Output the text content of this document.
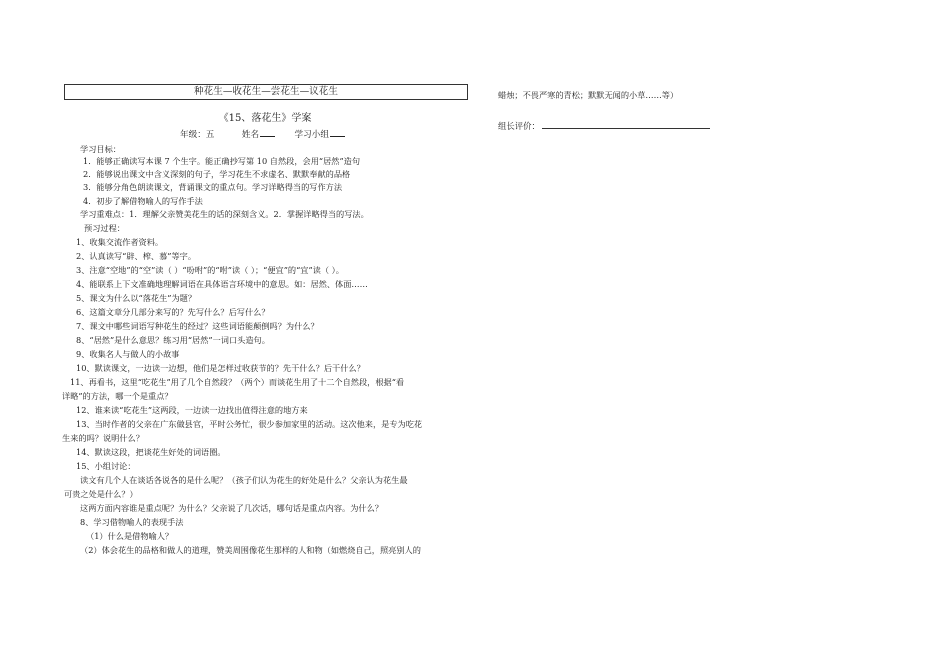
种花生—收花生—尝花生—议花生
《15、落花生》学案
年级：五	姓名	学习小组
学习目标：
1．能够正确读写本课 7 个生字。能正确抄写第 10 自然段，会用“居然”造句
2．能够说出课文中含义深刻的句子，学习花生不求虚名、默默奉献的品格
3．能够分角色朗读课文，背诵课文的重点句。学习详略得当的写作方法
4．初步了解借物喻人的写作手法
学习重难点：1．理解父亲赞美花生的话的深刻含义。2．掌握详略得当的写法。
预习过程：
1、收集交流作者资料。
2、认真读写“辟、榨、慕”等字。
3、注意“空地”的“空”读（ ）“吩咐”的“咐”读（ ）；“便宜”的“宜”读（ ）。
4、能联系上下文准确地理解词语在具体语言环境中的意思。如：居然、体面……
5、课文为什么以“落花生”为题？
6、这篇文章分几部分来写的？先写什么？后写什么？
7、课文中哪些词语写种花生的经过？这些词语能颠倒吗？为什么？
8、“居然”是什么意思？练习用“居然”一词口头造句。
9、收集名人与做人的小故事
10、默读课文，一边读一边想，他们是怎样过收获节的？先干什么？后干什么？
11、再看书，这里“吃花生”用了几个自然段？（两个）而谈花生用了十二个自然段，根据“看
详略”的方法，哪一个是重点？
12、谁来读“吃花生”这两段，一边读一边找出值得注意的地方来
13、当时作者的父亲在广东做县官，平时公务忙，很少参加家里的活动。这次他来，是专为吃花
生来的吗？说明什么？
14、默读这段，把谈花生好处的词语圈。
15、小组讨论：
读文有几个人在谈话各说各的是什么呢？（孩子们认为花生的好处是什么？父亲认为花生最
可贵之处是什么？）
这两方面内容谁是重点呢？为什么？父亲说了几次话，哪句话是重点内容。为什么？
8、学习借物喻人的表现手法
（1）什么是借物喻人？
（2）体会花生的品格和做人的道理，赞美周围像花生那样的人和物（如燃烧自己，照亮别人的
蜡烛；不畏严寒的青松；默默无闻的小草……等）
组长评价：
